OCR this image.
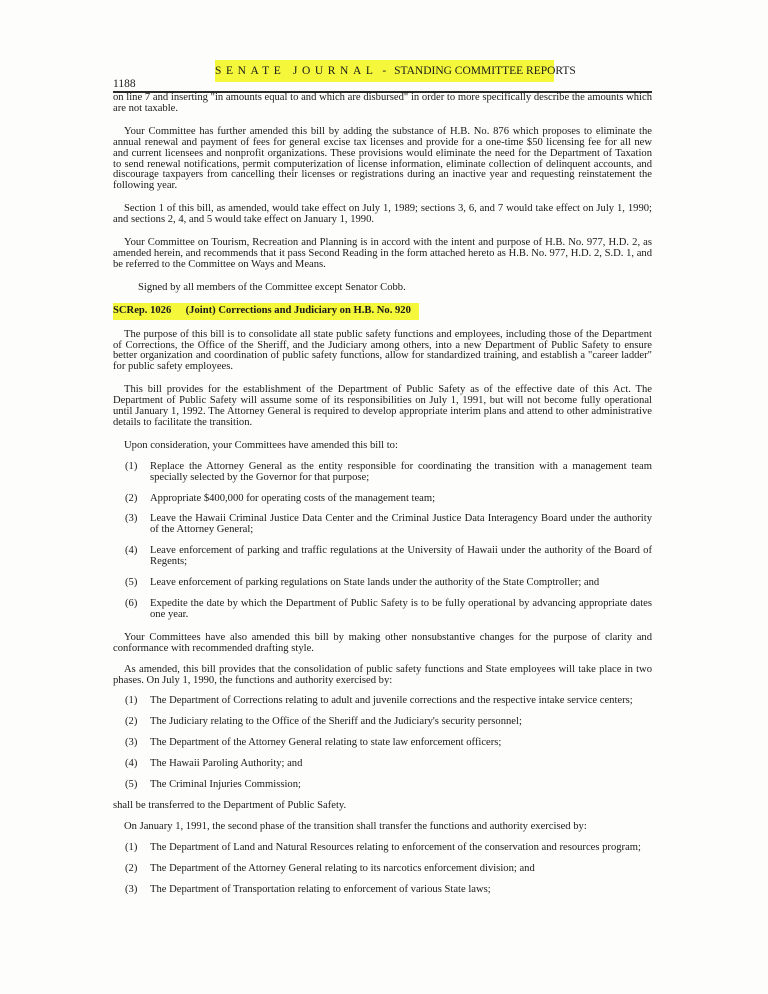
SENATE JOURNAL - STANDING COMMITTEE REPORTS
1188

on line 7 and inserting "in amounts equal to and which are disbursed" in order to more specifically describe the amounts which are not taxable.

Your Committee has further amended this bill by adding the substance of H.B. No. 876 which proposes to eliminate the annual renewal and payment of fees for general excise tax licenses and provide for a one-time $50 licensing fee for all new and current licensees and nonprofit organizations. These provisions would eliminate the need for the Department of Taxation to send renewal notifications, permit computerization of license information, eliminate collection of delinquent accounts, and discourage taxpayers from cancelling their licenses or registrations during an inactive year and requesting reinstatement the following year.

Section 1 of this bill, as amended, would take effect on July 1, 1989; sections 3, 6, and 7 would take effect on July 1, 1990; and sections 2, 4, and 5 would take effect on January 1, 1990.

Your Committee on Tourism, Recreation and Planning is in accord with the intent and purpose of H.B. No. 977, H.D. 2, as amended herein, and recommends that it pass Second Reading in the form attached hereto as H.B. No. 977, H.D. 2, S.D. 1, and be referred to the Committee on Ways and Means.

Signed by all members of the Committee except Senator Cobb.

SCRep. 1026 (Joint) Corrections and Judiciary on H.B. No. 920

The purpose of this bill is to consolidate all state public safety functions and employees, including those of the Department of Corrections, the Office of the Sheriff, and the Judiciary among others, into a new Department of Public Safety to ensure better organization and coordination of public safety functions, allow for standardized training, and establish a "career ladder" for public safety employees.

This bill provides for the establishment of the Department of Public Safety as of the effective date of this Act. The Department of Public Safety will assume some of its responsibilities on July 1, 1991, but will not become fully operational until January 1, 1992. The Attorney General is required to develop appropriate interim plans and attend to other administrative details to facilitate the transition.

Upon consideration, your Committees have amended this bill to:

(1)	Replace the Attorney General as the entity responsible for coordinating the transition with a management team specially selected by the Governor for that purpose;
(2)	Appropriate $400,000 for operating costs of the management team;
(3)	Leave the Hawaii Criminal Justice Data Center and the Criminal Justice Data Interagency Board under the authority of the Attorney General;
(4)	Leave enforcement of parking and traffic regulations at the University of Hawaii under the authority of the Board of Regents;
(5)	Leave enforcement of parking regulations on State lands under the authority of the State Comptroller; and
(6)	Expedite the date by which the Department of Public Safety is to be fully operational by advancing appropriate dates one year.

Your Committees have also amended this bill by making other nonsubstantive changes for the purpose of clarity and conformance with recommended drafting style.

As amended, this bill provides that the consolidation of public safety functions and State employees will take place in two phases. On July 1, 1990, the functions and authority exercised by:

(1)	The Department of Corrections relating to adult and juvenile corrections and the respective intake service centers;
(2)	The Judiciary relating to the Office of the Sheriff and the Judiciary's security personnel;
(3)	The Department of the Attorney General relating to state law enforcement officers;
(4)	The Hawaii Paroling Authority; and
(5)	The Criminal Injuries Commission;

shall be transferred to the Department of Public Safety.

On January 1, 1991, the second phase of the transition shall transfer the functions and authority exercised by:

(1)	The Department of Land and Natural Resources relating to enforcement of the conservation and resources program;
(2)	The Department of the Attorney General relating to its narcotics enforcement division; and
(3)	The Department of Transportation relating to enforcement of various State laws;
